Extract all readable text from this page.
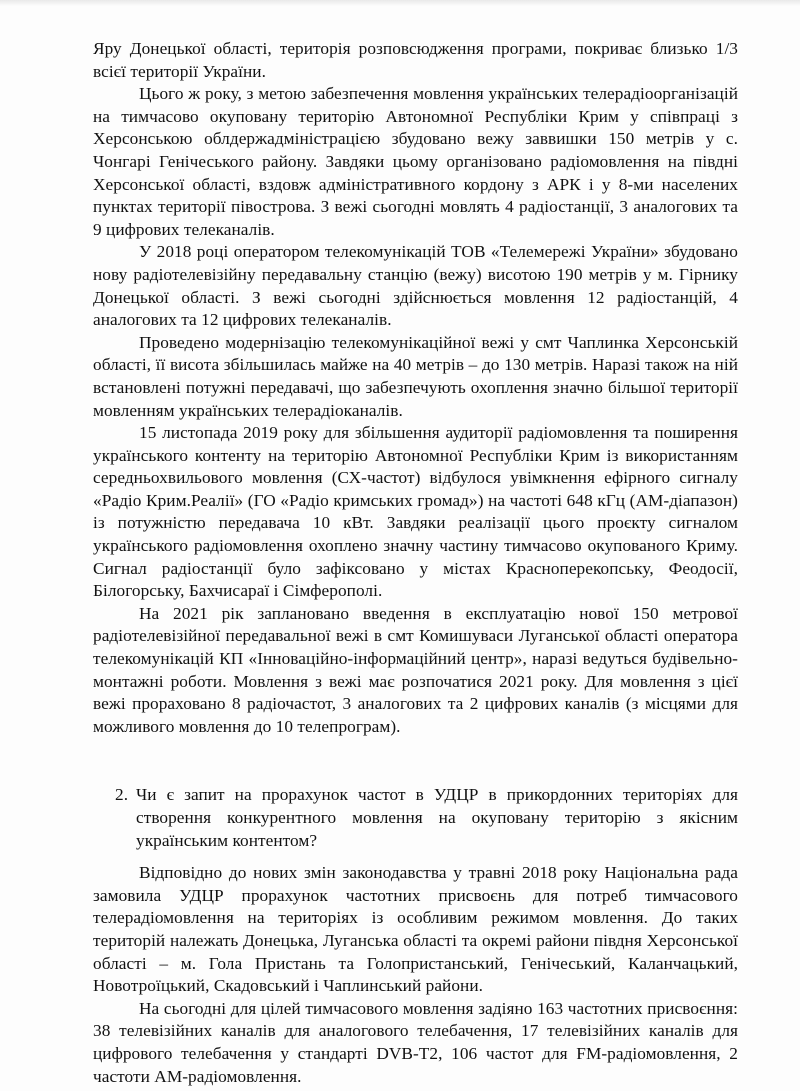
Яру Донецької області, територія розповсюдження програми, покриває близько 1/3 всієї території України.

Цього ж року, з метою забезпечення мовлення українських телерадіоорганізацій на тимчасово окуповану територію Автономної Республіки Крим у співпраці з Херсонською облдержадміністрацією збудовано вежу заввишки 150 метрів у с. Чонгарі Генічеського району. Завдяки цьому організовано радіомовлення на півдні Херсонської області, вздовж адміністративного кордону з АРК і у 8-ми населених пунктах території півострова. З вежі сьогодні мовлять 4 радіостанції, 3 аналогових та 9 цифрових телеканалів.

У 2018 році оператором телекомунікацій ТОВ «Телемережі України» збудовано нову радіотелевізійну передавальну станцію (вежу) висотою 190 метрів у м. Гірнику Донецької області. З вежі сьогодні здійснюється мовлення 12 радіостанцій, 4 аналогових та 12 цифрових телеканалів.

Проведено модернізацію телекомунікаційної вежі у смт Чаплинка Херсонській області, її висота збільшилась майже на 40 метрів – до 130 метрів. Наразі також на ній встановлені потужні передавачі, що забезпечують охоплення значно більшої території мовленням українських телерадіоканалів.

15 листопада 2019 року для збільшення аудиторії радіомовлення та поширення українського контенту на територію Автономної Республіки Крим із використанням середньохвильового мовлення (СХ-частот) відбулося увімкнення ефірного сигналу «Радіо Крим.Реалії» (ГО «Радіо кримських громад») на частоті 648 кГц (АМ-діапазон) із потужністю передавача 10 кВт. Завдяки реалізації цього проєкту сигналом українського радіомовлення охоплено значну частину тимчасово окупованого Криму. Сигнал радіостанції було зафіксовано у містах Красноперекопську, Феодосії, Білогорську, Бахчисараї і Сімферополі.

На 2021 рік заплановано введення в експлуатацію нової 150 метрової радіотелевізійної передавальної вежі в смт Комишуваси Луганської області оператора телекомунікацій КП «Інноваційно-інформаційний центр», наразі ведуться будівельно-монтажні роботи. Мовлення з вежі має розпочатися 2021 року. Для мовлення з цієї вежі прораховано 8 радіочастот, 3 аналогових та 2 цифрових каналів (з місцями для можливого мовлення до 10 телепрограм).

2. Чи є запит на прорахунок частот в УДЦР в прикордонних територіях для створення конкурентного мовлення на окуповану територію з якісним українським контентом?

Відповідно до нових змін законодавства у травні 2018 року Національна рада замовила УДЦР прорахунок частотних присвоєнь для потреб тимчасового телерадіомовлення на територіях із особливим режимом мовлення. До таких територій належать Донецька, Луганська області та окремі райони півдня Херсонської області – м. Гола Пристань та Голопристанський, Генічеський, Каланчацький, Новотроїцький, Скадовський і Чаплинський райони.

На сьогодні для цілей тимчасового мовлення задіяно 163 частотних присвоєння: 38 телевізійних каналів для аналогового телебачення, 17 телевізійних каналів для цифрового телебачення у стандарті DVB-T2, 106 частот для FM-радіомовлення, 2 частоти АМ-радіомовлення.
